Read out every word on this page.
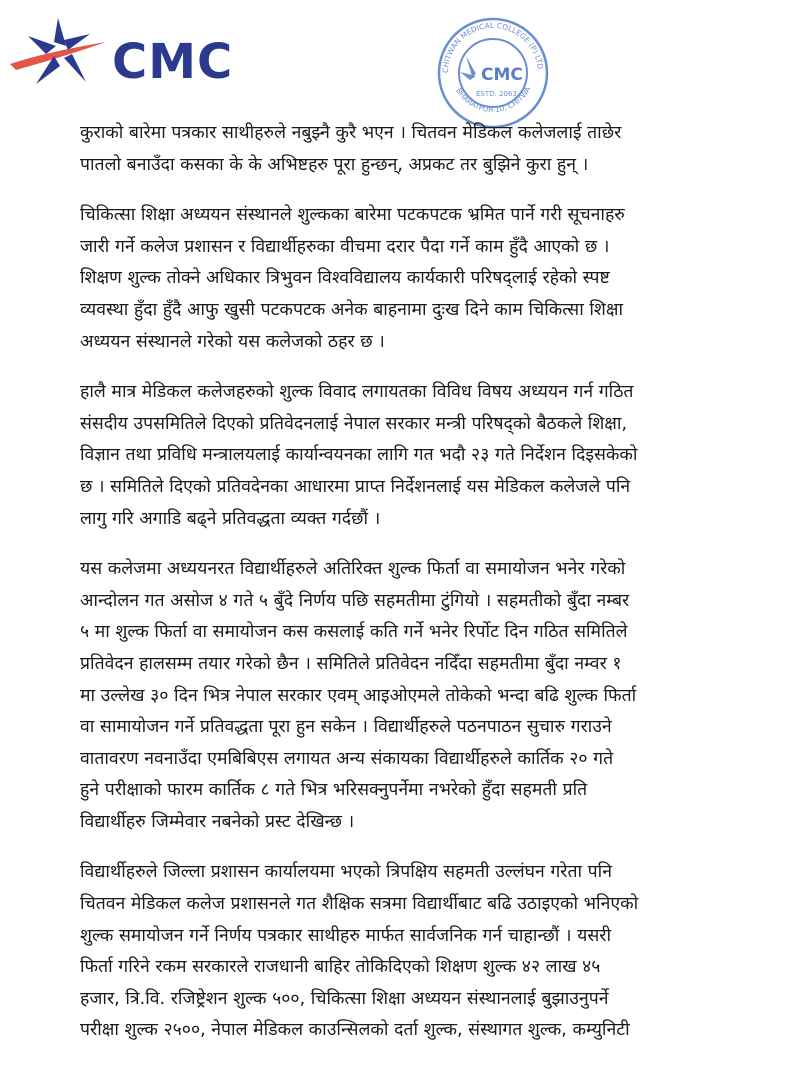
CMC	CMC
ESTD. 2063
CHITWAN MEDICAL COLLEGE (P) LTD.
BHARATPUR-10, CHITWA

कुराको बारेमा पत्रकार साथीहरुले नबुझ्नै कुरै भएन । चितवन मेडिकल कलेजलाई ताछेर
पातलो बनाउँदा कसका के के अभिष्टहरु पूरा हुन्छन्, अप्रकट तर बुझिने कुरा हुन् ।

चिकित्सा शिक्षा अध्ययन संस्थानले शुल्कका बारेमा पटकपटक भ्रमित पार्ने गरी सूचनाहरु
जारी गर्ने कलेज प्रशासन र विद्यार्थीहरुका वीचमा दरार पैदा गर्ने काम हुँदै आएको छ ।
शिक्षण शुल्क तोक्ने अधिकार त्रिभुवन विश्वविद्यालय कार्यकारी परिषद्लाई रहेको स्पष्ट
व्यवस्था हुँदा हुँदै आफु खुसी पटकपटक अनेक बाहनामा दुःख दिने काम चिकित्सा शिक्षा
अध्ययन संस्थानले गरेको यस कलेजको ठहर छ ।

हालै मात्र मेडिकल कलेजहरुको शुल्क विवाद लगायतका विविध विषय अध्ययन गर्न गठित
संसदीय उपसमितिले दिएको प्रतिवेदनलाई नेपाल सरकार मन्त्री परिषद्को बैठकले शिक्षा,
विज्ञान तथा प्रविधि मन्त्रालयलाई कार्यान्वयनका लागि गत भदौ २३ गते निर्देशन दिइसकेको
छ । समितिले दिएको प्रतिवदेनका आधारमा प्राप्त निर्देशनलाई यस मेडिकल कलेजले पनि
लागु गरि अगाडि बढ्ने प्रतिवद्धता व्यक्त गर्दछौं ।

यस कलेजमा अध्ययनरत विद्यार्थीहरुले अतिरिक्त शुल्क फिर्ता वा समायोजन भनेर गरेको
आन्दोलन गत असोज ४ गते ५ बुँदे निर्णय पछि सहमतीमा टुंगियो । सहमतीको बुँदा नम्बर
५ मा शुल्क फिर्ता वा समायोजन कस कसलाई कति गर्ने भनेर रिर्पोट दिन गठित समितिले
प्रतिवेदन हालसम्म तयार गरेको छैन । समितिले प्रतिवेदन नदिँदा सहमतीमा बुँदा नम्वर १
मा उल्लेख ३० दिन भित्र नेपाल सरकार एवम् आइओएमले तोकेको भन्दा बढि शुल्क फिर्ता
वा सामायोजन गर्ने प्रतिवद्धता पूरा हुन सकेन । विद्यार्थीहरुले पठनपाठन सुचारु गराउने
वातावरण नवनाउँदा एमबिबिएस लगायत अन्य संकायका विद्यार्थीहरुले कार्तिक २० गते
हुने परीक्षाको फारम कार्तिक ८ गते भित्र भरिसक्नुपर्नेमा नभरेको हुँदा सहमती प्रति
विद्यार्थीहरु जिम्मेवार नबनेको प्रस्ट देखिन्छ ।

विद्यार्थीहरुले जिल्ला प्रशासन कार्यालयमा भएको त्रिपक्षिय सहमती उल्लंघन गरेता पनि
चितवन मेडिकल कलेज प्रशासनले गत शैक्षिक सत्रमा विद्यार्थीबाट बढि उठाइएको भनिएको
शुल्क समायोजन गर्ने निर्णय पत्रकार साथीहरु मार्फत सार्वजनिक गर्न चाहान्छौं । यसरी
फिर्ता गरिने रकम सरकारले राजधानी बाहिर तोकिदिएको शिक्षण शुल्क ४२ लाख ४५
हजार, त्रि.वि. रजिष्ट्रेशन शुल्क ५००, चिकित्सा शिक्षा अध्ययन संस्थानलाई बुझाउनुपर्ने
परीक्षा शुल्क २५००, नेपाल मेडिकल काउन्सिलको दर्ता शुल्क, संस्थागत शुल्क, कम्युनिटी
